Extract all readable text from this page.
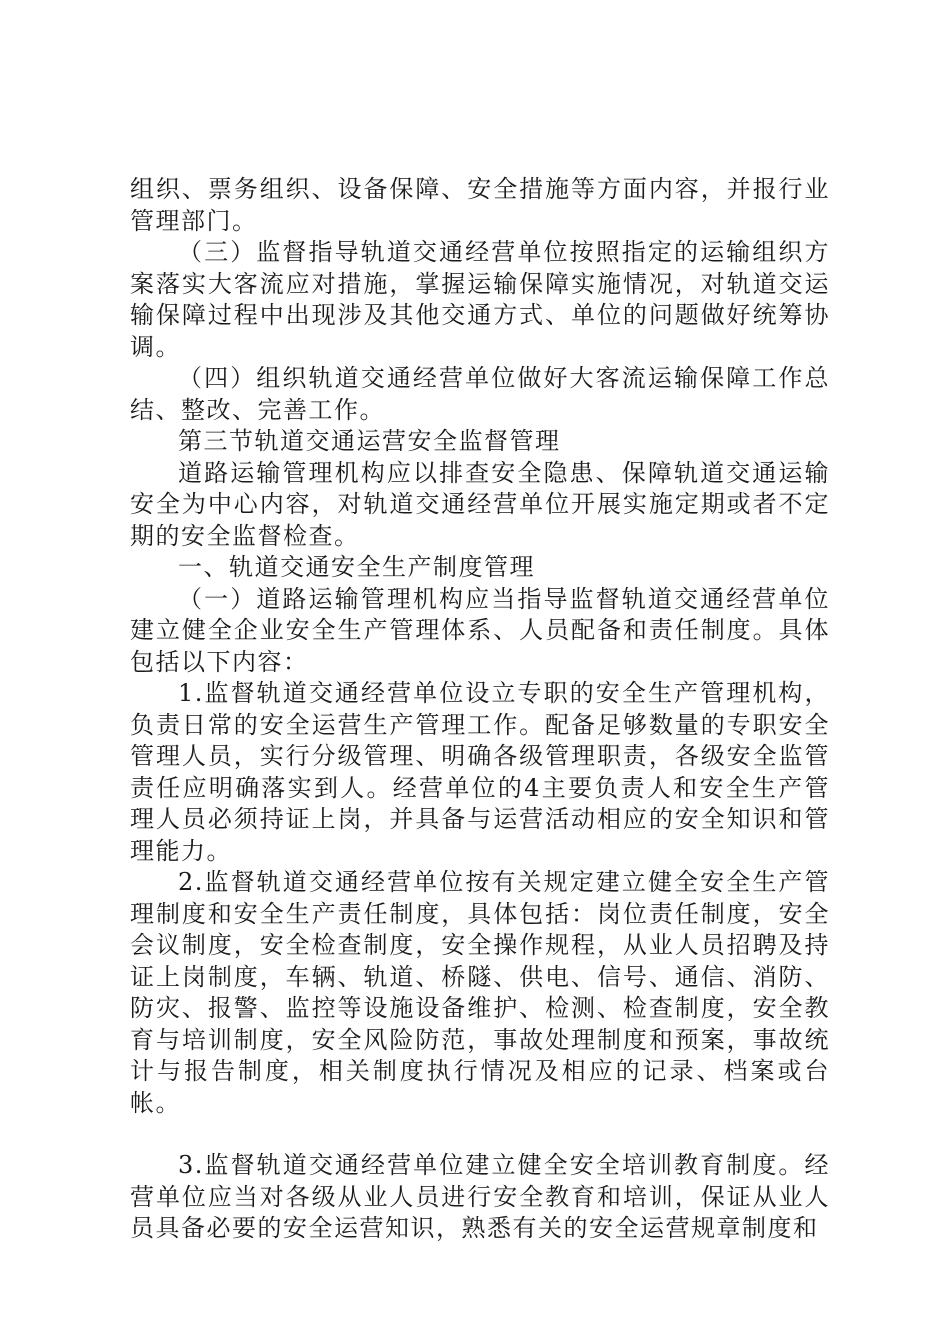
组织、票务组织、设备保障、安全措施等方面内容，并报行业管理部门。

（三）监督指导轨道交通经营单位按照指定的运输组织方案落实大客流应对措施，掌握运输保障实施情况，对轨道交运输保障过程中出现涉及其他交通方式、单位的问题做好统筹协调。

（四）组织轨道交通经营单位做好大客流运输保障工作总结、整改、完善工作。

第三节轨道交通运营安全监督管理

道路运输管理机构应以排查安全隐患、保障轨道交通运输安全为中心内容，对轨道交通经营单位开展实施定期或者不定期的安全监督检查。

一、轨道交通安全生产制度管理

（一）道路运输管理机构应当指导监督轨道交通经营单位建立健全企业安全生产管理体系、人员配备和责任制度。具体包括以下内容：

1.监督轨道交通经营单位设立专职的安全生产管理机构，负责日常的安全运营生产管理工作。配备足够数量的专职安全管理人员，实行分级管理、明确各级管理职责，各级安全监管责任应明确落实到人。经营单位的4主要负责人和安全生产管理人员必须持证上岗，并具备与运营活动相应的安全知识和管理能力。

2.监督轨道交通经营单位按有关规定建立健全安全生产管理制度和安全生产责任制度，具体包括：岗位责任制度，安全会议制度，安全检查制度，安全操作规程，从业人员招聘及持证上岗制度，车辆、轨道、桥隧、供电、信号、通信、消防、防灾、报警、监控等设施设备维护、检测、检查制度，安全教育与培训制度，安全风险防范，事故处理制度和预案，事故统计与报告制度，相关制度执行情况及相应的记录、档案或台帐。

3.监督轨道交通经营单位建立健全安全培训教育制度。经营单位应当对各级从业人员进行安全教育和培训，保证从业人员具备必要的安全运营知识，熟悉有关的安全运营规章制度和
